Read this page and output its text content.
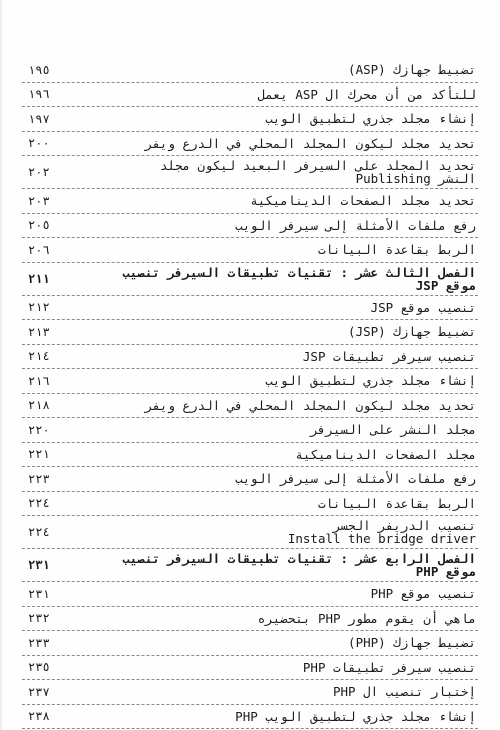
تضبيط جهازك (ASP)
١٩٥
للتأكد من أن محرك ال ASP يعمل
١٩٦
إنشاء مجلد جذري لتطبيق الويب
١٩٧
تحديد مجلد ليكون المجلد المحلي في الدرع ويفر
٢٠٠
تحديد المجلد على السيرفر البعيد ليكون مجلد
النشر Publishing
٢٠٢
تحديد مجلد الصفحات الديناميكية
٢٠٣
رفع ملفات الأمثلة إلى سيرفر الويب
٢٠٥
الربط بقاعدة البيانات
٢٠٦
الفصل الثالث عشر : تقنيات تطبيقات السيرفر تنصيب
موقع JSP
٢١١
تنصيب موقع JSP
٢١٢
تضبيط جهازك (JSP)
٢١٣
تنصيب سيرفر تطبيقات JSP
٢١٤
إنشاء مجلد جذري لتطبيق الويب
٢١٦
تحديد مجلد ليكون المجلد المحلي في الدرع ويفر
٢١٨
مجلد النشر على السيرفر
٢٢٠
مجلد الصفحات الديناميكية
٢٢١
رفع ملفات الأمثلة إلى سيرفر الويب
٢٢٣
الربط بقاعدة البيانات
٢٢٤
تنصيب الدريفر الجسر
Install the bridge driver
٢٢٤
الفصل الرابع عشر : تقنيات تطبيقات السيرفر تنصيب
موقع PHP
٢٣١
تنصيب موقع PHP
٢٣١
ماهي أن يقوم مطور PHP بتحضيره
٢٣٢
تضبيط جهازك (PHP)
٢٣٣
تنصيب سيرفر تطبيقات PHP
٢٣٥
إختبار تنصيب ال PHP
٢٣٧
إنشاء مجلد جذري لتطبيق الويب PHP
٢٣٨
